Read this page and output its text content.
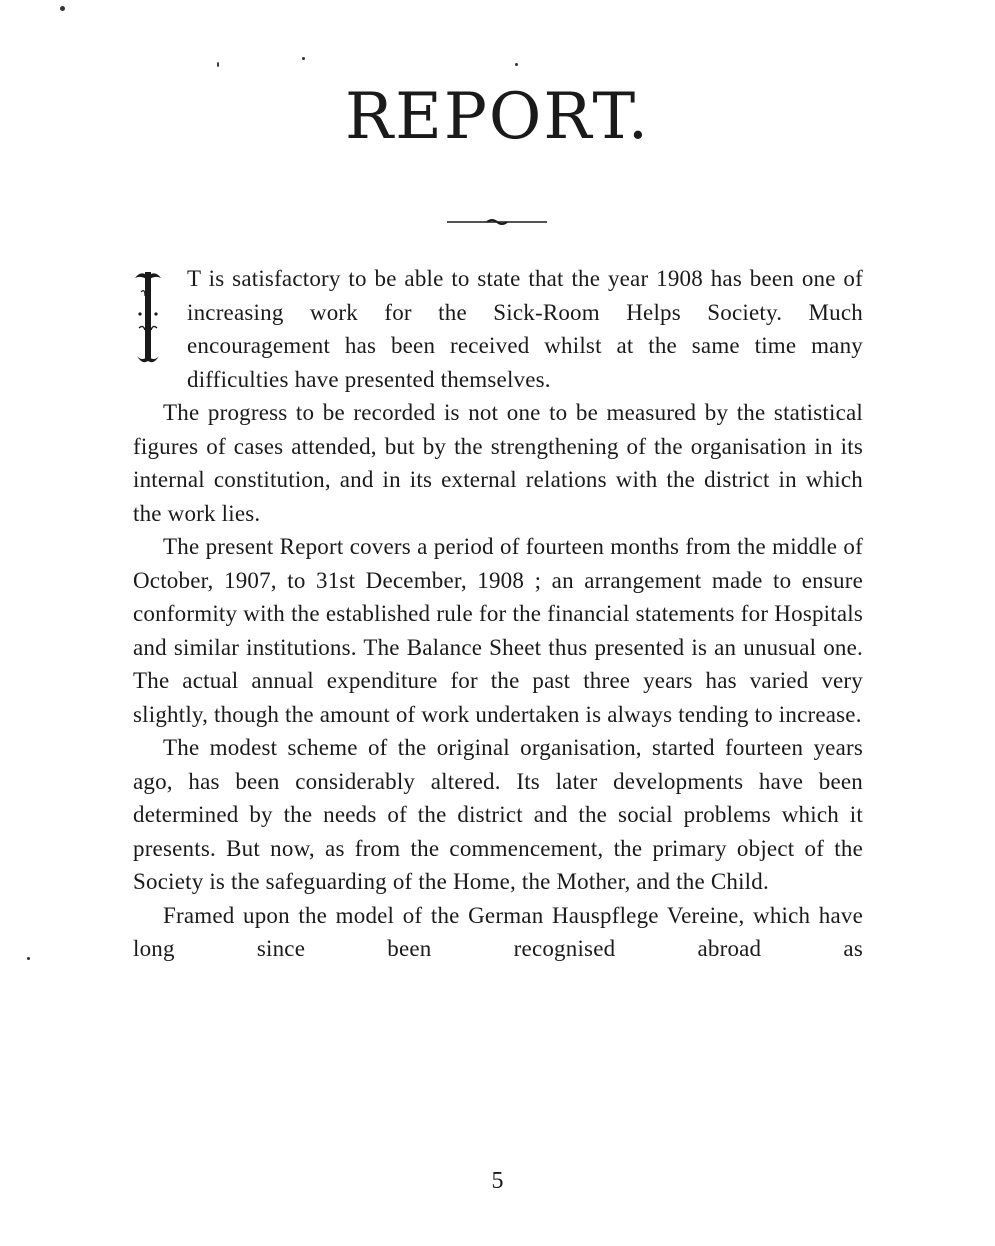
REPORT.

T is satisfactory to be able to state that the year 1908 has been one of increasing work for the Sick-Room Helps Society. Much encouragement has been received whilst at the same time many difficulties have presented themselves.

The progress to be recorded is not one to be measured by the statistical figures of cases attended, but by the strengthening of the organisation in its internal constitution, and in its external relations with the district in which the work lies.

The present Report covers a period of fourteen months from the middle of October, 1907, to 31st December, 1908 ; an arrangement made to ensure conformity with the established rule for the financial statements for Hospitals and similar institutions. The Balance Sheet thus presented is an unusual one. The actual annual expenditure for the past three years has varied very slightly, though the amount of work undertaken is always tending to increase.

The modest scheme of the original organisation, started fourteen years ago, has been considerably altered. Its later developments have been determined by the needs of the district and the social problems which it presents. But now, as from the commencement, the primary object of the Society is the safeguarding of the Home, the Mother, and the Child.

Framed upon the model of the German Hauspflege Vereine, which have long since been recognised abroad as

5
